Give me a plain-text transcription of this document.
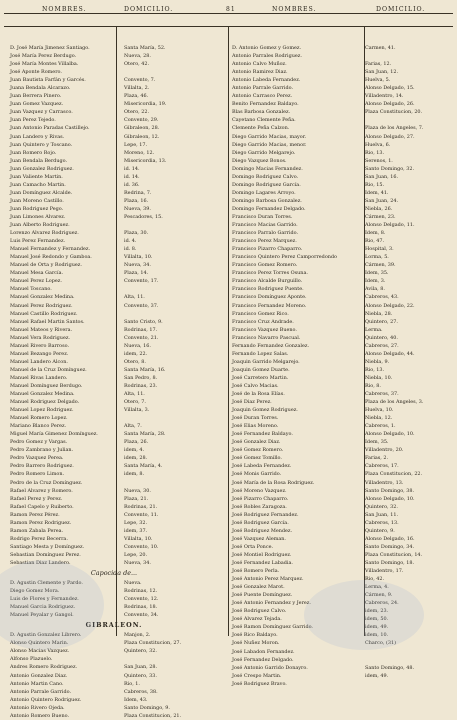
NOMBRES.	DOMICILIO.	81	NOMBRES.	DOMICILIO.
D. José María Jimenez Santiago.	Santa María, 52.
José María Perez Berdugo.	Nueva, 28.
José María Montes Villalba.	Otero, 42.
José Aponte Romero.
Juan Bautista Farfán y Garcés.	Convento, 7.
Juana Bendala Alcarazo.	Villalta, 2.
Juan Berrera Pinero.	Plaza, 46.
Juan Gomez Vazquez.	Misericordia, 19.
Juan Vazquez y Carrasco.	Otero, 22.
Juan Perez Tejedo.	Convento, 29.
Juan Antonio Paradas Castillejo.	Gibraleon, 28.
Juan Landero y Rivas.	Gibraleon, 12.
Juan Quintero y Toscano.	Lepe, 17.
Juan Romero Rojo.	Moreno, 12.
Juan Bendala Berdugo.	Misericordia, 13.
Juan Gonzalez Rodriguez.	id. 14.
Juan Valiente Martin.	id. 14.
Juan Camacho Martin.	id. 36.
Juan Domínguez Alcalde.	Redrina, 7.
Juan Moreno Castillo.	Plaza, 16.
Juan Rodriguez Pego.	Nueva, 39.
Juan Limones Alvarez.	Pescadores, 15.
Juan Alberto Rodriguez.
Lorenzo Alvarez Rodriguez.	Plaza, 30.
Luis Perez Fernandez.	id. 4.
Manuel Fernandez y Fernandez.	id. 8.
Manuel José Redondo y Gamboa.	Villalta, 10.
Manuel de Orta y Rodriguez.	Nueva, 34.
Manuel Mesa García.	Plaza, 14.
Manuel Perez Lopez.	Convento, 17.
Manuel Toscano.
Manuel Gonzalez Medina.	Alta, 11.
Manuel Perez Rodriguez.	Convento, 37.
Manuel Castillo Rodriguez.
Manuel Rafael Martin Santos.	Santo Cristo, 9.
Manuel Mateos y Rivera.	Rodrinas, 17.
Manuel Vera Rodriguez.	Convento, 21.
Manuel Rivero Barroso.	Nueva, 16.
Manuel Bezango Perez.	idem, 22.
Manuel Landero Alcon.	Otero, 8.
Manuel de la Cruz Domínguez.	Santa María, 16.
Manuel Rivas Landero.	San Pedro, 8.
Manuel Domínguez Berdugo.	Rodrinas, 23.
Manuel Gonzalez Medina.	Alta, 11.
Manuel Rodriguez Delgado.	Otero, 7.
Manuel Lopez Rodriguez.	Villalta, 3.
Manuel Romero Lopez.
Mariano Blanco Perez.	Alta, 7.
Miguel María Gimenez Domínguez.	Santa María, 28.
Pedro Gomez y Vargas.	Plaza, 26.
Pedro Zambrano y Julian.	idem, 4.
Pedro Vazquez Perea.	idem, 28.
Pedro Barrero Rodriguez.	Santa María, 4.
Pedro Romero Limon.	idem, 8.
Pedro de la Cruz Domínguez.
Rafael Alvarez y Romero.	Nueva, 30.
Rafael Perez y Perez.	Plaza, 21.
Rafael Capelo y Ruiberto.	Rodrinas, 21.
Ramon Perez Pérez.	Convento, 11.
Ramon Perez Rodriguez.	Lepe, 32.
Ramon Zabala Perea.	idem, 37.
Rodrigo Perez Becerra.	Villalta, 10.
Santiago Mesta y Domínguez.	Convento, 10.
Sebastian Domínguez Perez.	Lepe, 20.
Sebastian Diaz Landero.	Nueva, 34.
Capocida de...
D. Agustin Clemente y Pardo.	Nueva.
Diego Gomez Mora.	Rodrinas, 12.
Luis de Flores y Fernandez.	Convento, 12.
Manuel Garcia Rodriguez.	Rodrinas, 18.
Manuel Peyalar y Gangol.	Convento, 34.
GIBRALEON.
D. Agustin Gonzalez Librero.	Manjon, 2.
Alonso Quintero Marin.	Plaza Constitucion, 27.
Alonso Macias Vazquez.	Quintero, 32.
Alfonso Plazuelo.
Andres Romero Rodriguez.	San Juan, 28.
Antonio Gonzalez Diaz.	Quintero, 33.
Antonio Martin Cano.	Rio, 1.
Antonio Parrale Garrido.	Cabreros, 38.
Antonio Quintero Rodriguez.	Idem, 43.
Antonio Rivero Ojeda.	Santo Domingo, 9.
Antonio Romero Bueno.	Plaza Constitucion, 21.
D. Antonio Gomez y Gomez.	Carmen, 41.
Antonio Parrales Rodriguez.
Antonio Calvo Muñoz.	Farias, 12.
Antonio Ramirez Diaz.	San Juan, 12.
Antonio Labeda Fernandez.	Huelva, 5.
Antonio Parrale Garrido.	Alonso Delgado, 15.
Antonio Carrasco Perez.	Villadentro, 14.
Benito Fernandez Baldayo.	Alonso Delgado, 26.
Blas Barbosa Gonzalez.	Plaza Constitucion, 20.
Cayetano Clemente Peña.
Clemente Peña Calzon.	Plaza de los Angeles, 7.
Diego Garrido Macias, mayor.	Alonso Delgado, 27.
Diego Garrido Macias, menor.	Huelva, 6.
Diego Garrido Melgarejo.	Rio, 13.
Diego Vazquez Bonos.	Serenos, 1.
Domingo Macias Fernandez.	Santo Domingo, 32.
Domingo Rodriguez Calvo.	San Juan, 16.
Domingo Rodriguez García.	Rio, 15.
Domingo Lagares Arroyo.	Idem, 41.
Domingo Barbosa Gonzalez.	San Juan, 24.
Domingo Fernandez Delgado.	Niebla, 26.
Francisco Duran Torres.	Cármen, 23.
Francisco Macias Garrido.	Alonso Delgado, 11.
Francisco Parralo Garrido.	Idem, 8.
Francisco Perez Marquez.	Rio, 47.
Francisco Pizarro Chaparro.	Hospital, 3.
Francisco Quintero Perez Camporredondo	Lorma, 5.
Francisco Gomez Romero.	Cármen, 39.
Francisco Perez Torres Osuna.	Idem, 35.
Francisco Alcalde Burguillo.	Idem, 3.
Francisco Rodriguez Puente.	Avila, 8.
Francisco Domínguez Aponte.	Cabreros, 43.
Francisco Fernandez Moreno.	Alonso Delgado, 22.
Francisco Gomez Rico.	Niebla, 28.
Francisco Cruz Andrade.	Quintero, 27.
Francisco Vazquez Bueno.	Lerma.
Francisco Navarro Pascual.	Quintero, 40.
Fernando Fernandez Gonzalez.	Cabreros, 27.
Fernando Lopez Salas.	Alonso Delgado, 44.
Joaquin Garrido Melgarejo.	Niebla, 9.
Joaquin Gomez Duarte.	Rio, 13.
José Carretero Martin.	Niebla, 10.
José Calvo Macias.	Rio, 8.
José de la Rosa Elías.	Cabreros, 37.
José Diaz Perez.	Plaza de los Angeles, 3.
Joaquin Gomez Rodriguez.	Huelva, 10.
José Duran Torres.	Niebla, 12.
José Elias Moreno.	Cabreros, 1.
José Fernandez Baldayo.	Alonso Delgado, 10.
José Gonzalez Diaz.	Idem, 35.
José Gomez Romero.	Villadentro, 20.
José Gomez Tomillo.	Farias, 2.
José Labeda Fernandez.	Cabreros, 17.
José Monis Garrido.	Plaza Constitucion, 22.
José María de la Rosa Rodriguez.	Villadentro, 13.
José Moreno Vazquez.	Santo Domingo, 38.
José Pizarro Chaparro.	Alonso Delgado, 10.
José Robles Zaragoza.	Quintero, 32.
José Rodriguez Fernandez.	San Juan, 11.
José Rodriguez García.	Cabreros, 13.
José Rodriguez Mendez.	Quintero, 9.
José Vazquez Aleman.	Alonso Delgado, 16.
José Orta Ponce.	Santo Domingo, 34.
José Montiel Rodriguez.	Plaza Constitucion, 14.
José Fernandez Labadia.	Santo Domingo, 18.
José Romero Perla.	Villadentro, 17.
José Antonio Perez Marquez.	Rio, 42.
José Gonzalez Marot.	Lerma, 4.
José Puente Domínguez.	Cármen, 9.
José Antonio Fernandez y Jerez.	Cabreros, 24.
José Rodriguez Calvo.	idem, 23.
José Alvarez Tejada.	idem, 50.
José Ramon Domínguez Garrido.	idem, 49.
José Rico Baldayo.	idem, 10.
José Nuñez Moron.	Charco, (31)
José Labadon Fernandez.
José Fernandez Delgado.
José Antonio Garrido Donayro.	Santo Domingo, 48.
José Crespo Martin.	idem, 49.
José Rodriguez Bravo.
